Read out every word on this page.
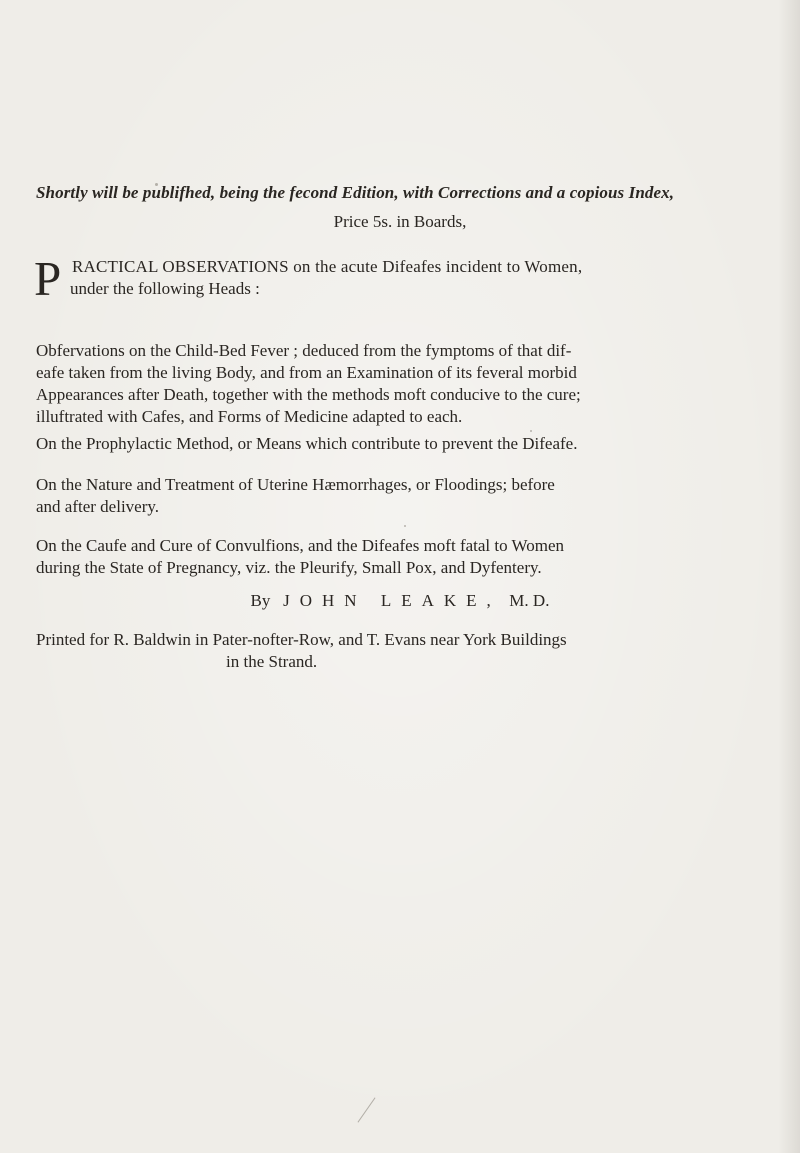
Shortly will be publifhed, being the fecond Edition, with Corrections and a copious Index,
Price 5s. in Boards,
P RACTICAL OBSERVATIONS on the acute Difeafes incident to Women,
under the following Heads :
Obfervations on the Child-Bed Fever ; deduced from the fymptoms of that dif-
eafe taken from the living Body, and from an Examination of its feveral morbid
Appearances after Death, together with the methods moft conducive to the cure;
illuftrated with Cafes, and Forms of Medicine adapted to each.
On the Prophylactic Method, or Means which contribute to prevent the Difeafe.
On the Nature and Treatment of Uterine Hæmorrhages, or Floodings; before
and after delivery.
On the Caufe and Cure of Convulfions, and the Difeafes moft fatal to Women
during the State of Pregnancy, viz. the Pleurify, Small Pox, and Dyfentery.
By JOHN LEAKE, M. D.
Printed for R. Baldwin in Pater-nofter-Row, and T. Evans near York Buildings
in the Strand.
